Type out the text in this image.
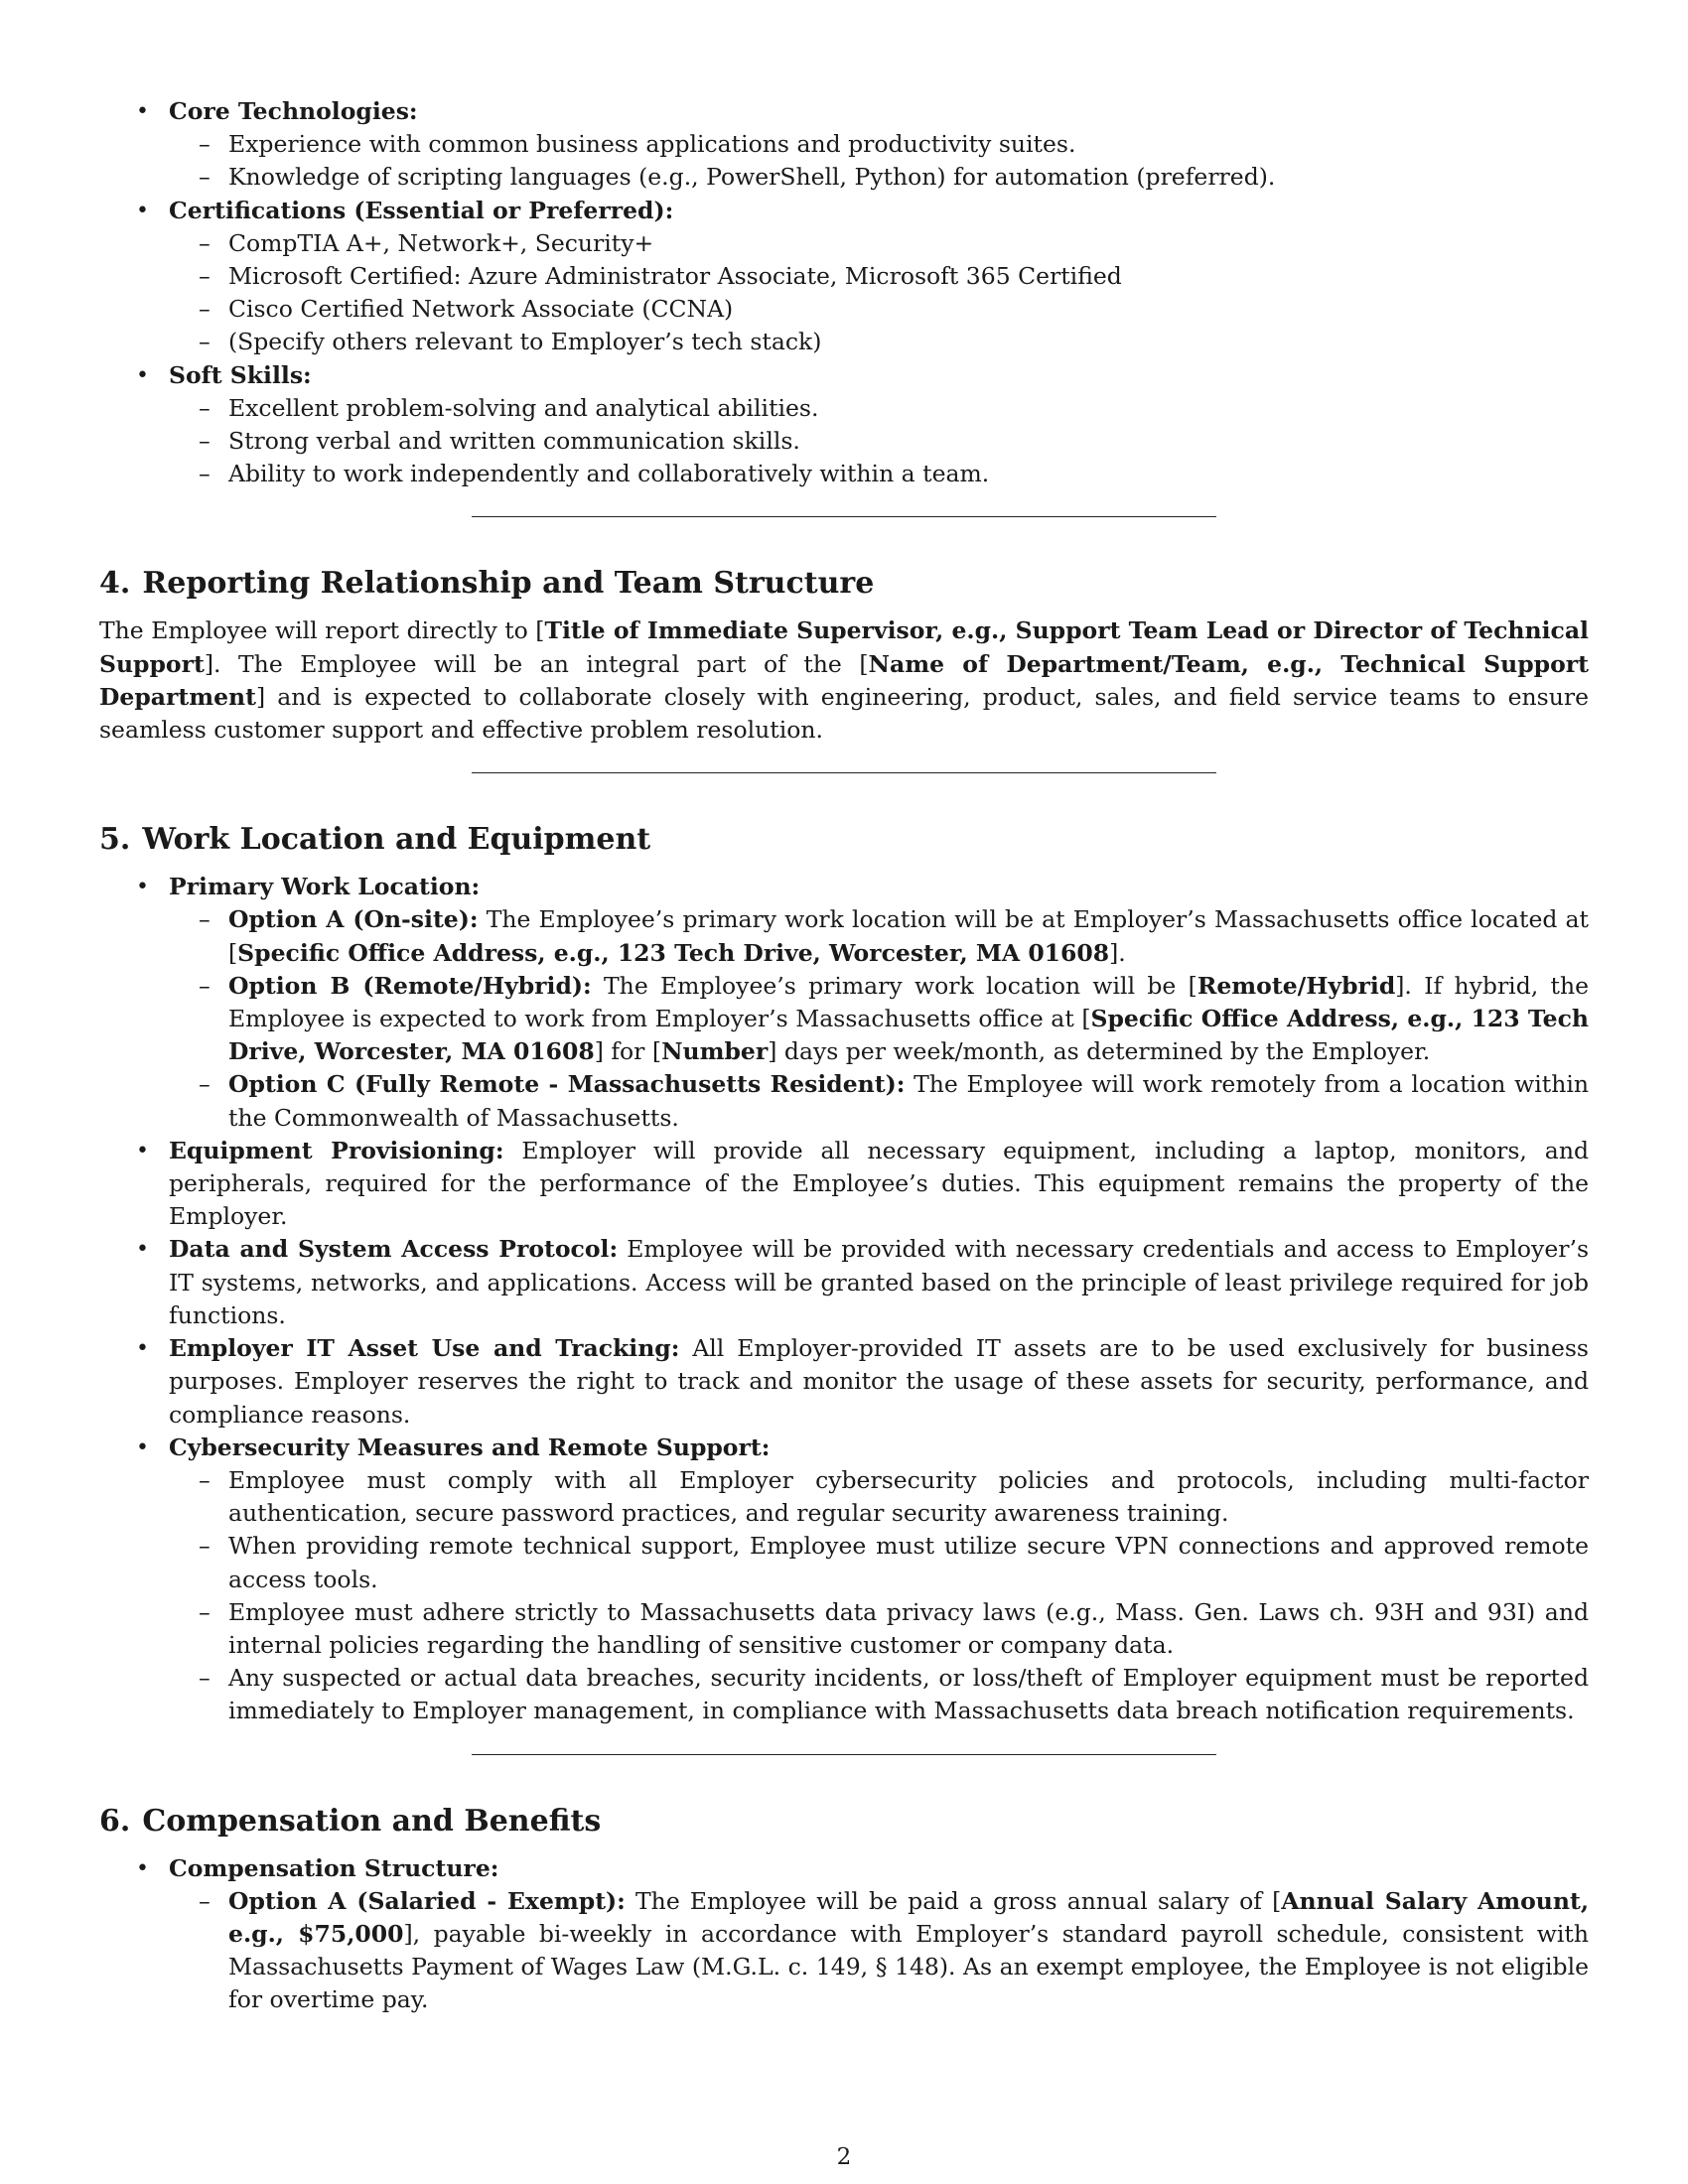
• Core Technologies:
– Experience with common business applications and productivity suites.
– Knowledge of scripting languages (e.g., PowerShell, Python) for automation (preferred).
• Certifications (Essential or Preferred):
– CompTIA A+, Network+, Security+
– Microsoft Certified: Azure Administrator Associate, Microsoft 365 Certified
– Cisco Certified Network Associate (CCNA)
– (Specify others relevant to Employer’s tech stack)
• Soft Skills:
– Excellent problem-solving and analytical abilities.
– Strong verbal and written communication skills.
– Ability to work independently and collaboratively within a team.
4. Reporting Relationship and Team Structure

The Employee will report directly to [Title of Immediate Supervisor, e.g., Support Team Lead or Director of Technical Support]. The Employee will be an integral part of the [Name of Department/Team, e.g., Technical Support Department] and is expected to collaborate closely with engineering, product, sales, and field service teams to ensure seamless customer support and effective problem resolution.

5. Work Location and Equipment
• Primary Work Location:
– Option A (On-site): The Employee’s primary work location will be at Employer’s Massachusetts office located at [Specific Office Address, e.g., 123 Tech Drive, Worcester, MA 01608].
– Option B (Remote/Hybrid): The Employee’s primary work location will be [Remote/Hybrid]. If hybrid, the Employee is expected to work from Employer’s Massachusetts office at [Specific Office Address, e.g., 123 Tech Drive, Worcester, MA 01608] for [Number] days per week/month, as determined by the Employer.
– Option C (Fully Remote - Massachusetts Resident): The Employee will work remotely from a location within the Commonwealth of Massachusetts.
• Equipment Provisioning: Employer will provide all necessary equipment, including a laptop, monitors, and peripherals, required for the performance of the Employee’s duties. This equipment remains the property of the Employer.
• Data and System Access Protocol: Employee will be provided with necessary credentials and access to Employer’s IT systems, networks, and applications. Access will be granted based on the principle of least privilege required for job functions.
• Employer IT Asset Use and Tracking: All Employer-provided IT assets are to be used exclusively for business purposes. Employer reserves the right to track and monitor the usage of these assets for security, performance, and compliance reasons.
• Cybersecurity Measures and Remote Support:
– Employee must comply with all Employer cybersecurity policies and protocols, including multi-factor authentication, secure password practices, and regular security awareness training.
– When providing remote technical support, Employee must utilize secure VPN connections and approved remote access tools.
– Employee must adhere strictly to Massachusetts data privacy laws (e.g., Mass. Gen. Laws ch. 93H and 93I) and internal policies regarding the handling of sensitive customer or company data.
– Any suspected or actual data breaches, security incidents, or loss/theft of Employer equipment must be reported immediately to Employer management, in compliance with Massachusetts data breach notification requirements.
6. Compensation and Benefits
• Compensation Structure:
– Option A (Salaried - Exempt): The Employee will be paid a gross annual salary of [Annual Salary Amount, e.g., $75,000], payable bi-weekly in accordance with Employer’s standard payroll schedule, consistent with Massachusetts Payment of Wages Law (M.G.L. c. 149, § 148). As an exempt employee, the Employee is not eligible for overtime pay.
2
